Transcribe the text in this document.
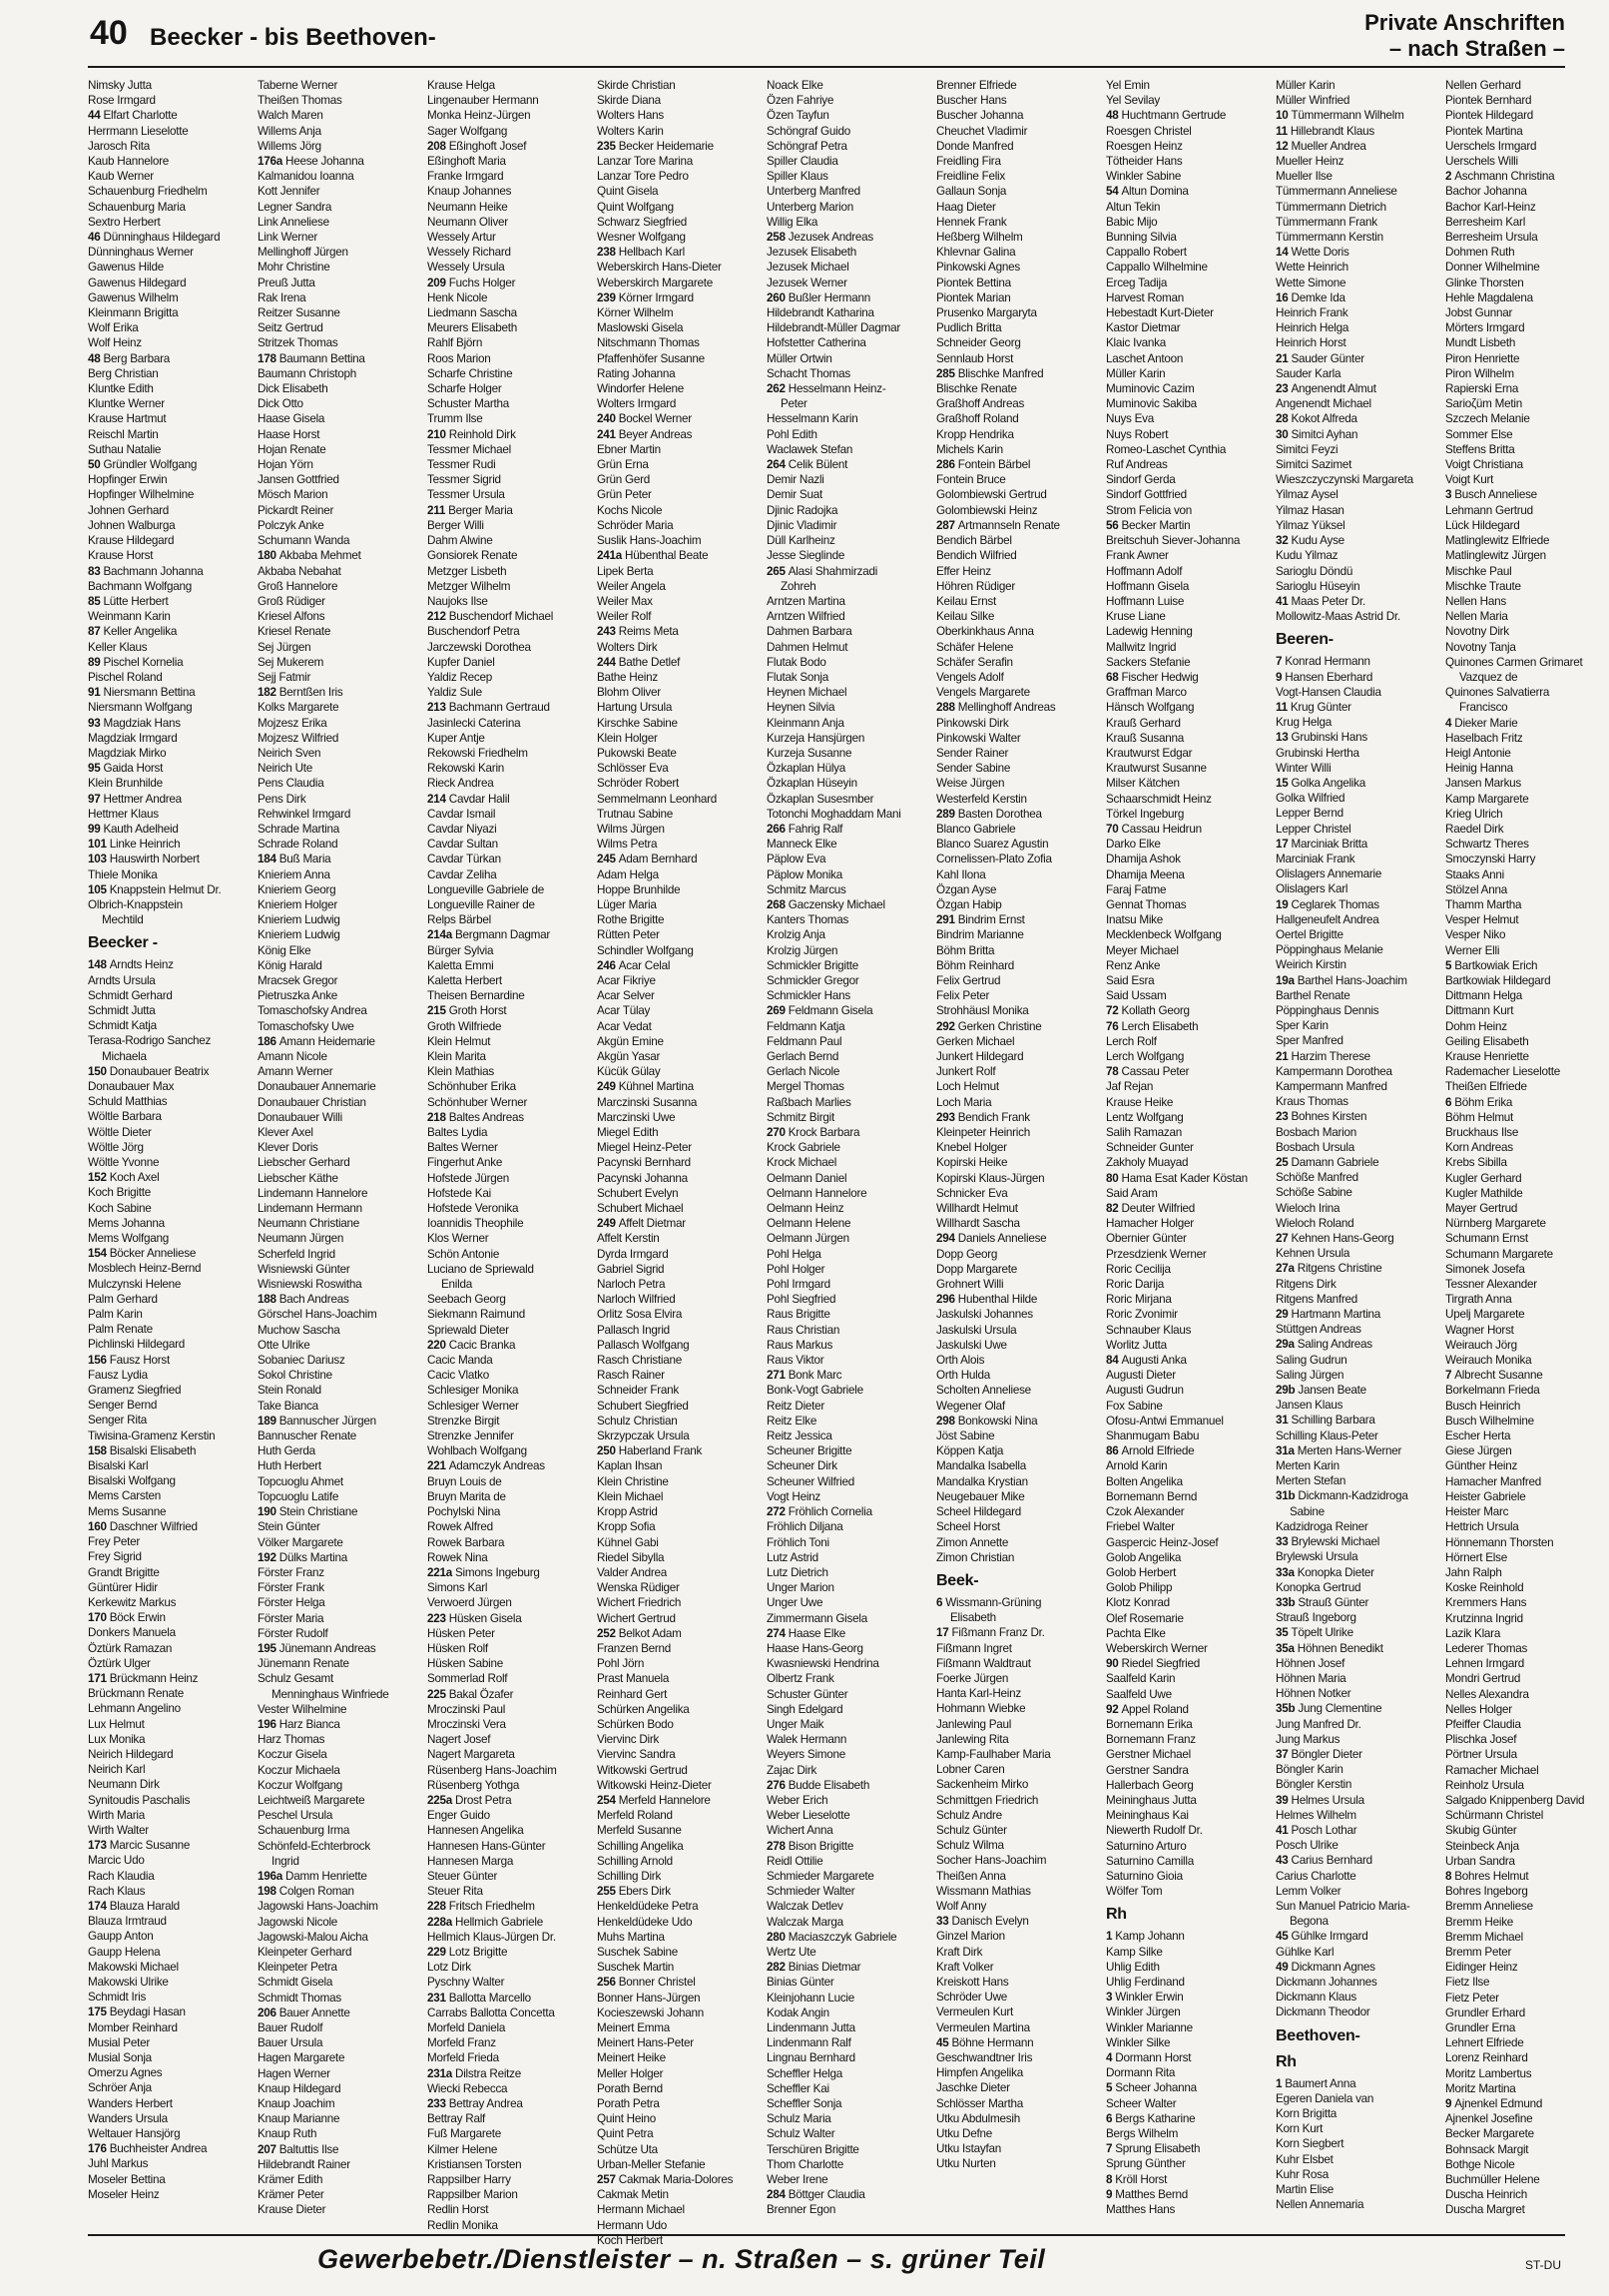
40 Beecker - bis Beethoven-
Private Anschriften
– nach Straßen –
Nimsky Jutta
Rose Irmgard
44 Elfart Charlotte
Herrmann Lieselotte
Jarosch Rita
Kaub Hannelore
Kaub Werner
Schauenburg Friedhelm
Schauenburg Maria
Sextro Herbert
46 Dünninghaus Hildegard
Dünninghaus Werner
Gawenus Hilde
Gawenus Hildegard
Gawenus Wilhelm
Kleinmann Brigitta
Wolf Erika
Wolf Heinz
48 Berg Barbara
Berg Christian
Kluntke Edith
Kluntke Werner
Krause Hartmut
Reischl Martin
Suthau Natalie
50 Gründler Wolfgang
Hopfinger Erwin
Hopfinger Wilhelmine
Johnen Gerhard
Johnen Walburga
Krause Hildegard
Krause Horst
83 Bachmann Johanna
Bachmann Wolfgang
85 Lütte Herbert
Weinmann Karin
87 Keller Angelika
Keller Klaus
89 Pischel Kornelia
Pischel Roland
91 Niersmann Bettina
Niersmann Wolfgang
93 Magdziak Hans
Magdziak Irmgard
Magdziak Mirko
95 Gaida Horst
Klein Brunhilde
97 Hettmer Andrea
Hettmer Klaus
99 Kauth Adelheid
101 Linke Heinrich
103 Hauswirth Norbert
Thiele Monika
105 Knappstein Helmut Dr.
Olbrich-Knappstein
Mechtild
Beecker -
148 Arndts Heinz
Arndts Ursula
Schmidt Gerhard
Schmidt Jutta
Schmidt Katja
Terasa-Rodrigo Sanchez
Michaela
150 Donaubauer Beatrix
Donaubauer Max
Schuld Matthias
Wöltle Barbara
Wöltle Dieter
Wöltle Jörg
Wöltle Yvonne
152 Koch Axel
Koch Brigitte
Koch Sabine
Mems Johanna
Mems Wolfgang
154 Böcker Anneliese
Mosblech Heinz-Bernd
Mulczynski Helene
Palm Gerhard
Palm Karin
Palm Renate
Pichlinski Hildegard
156 Fausz Horst
Fausz Lydia
Gramenz Siegfried
Senger Bernd
Senger Rita
Tiwisina-Gramenz Kerstin
158 Bisalski Elisabeth
Bisalski Karl
Bisalski Wolfgang
Mems Carsten
Mems Susanne
160 Daschner Wilfried
Frey Peter
Frey Sigrid
Grandt Brigitte
Güntürer Hidir
Kerkewitz Markus
170 Böck Erwin
Donkers Manuela
Öztürk Ramazan
Öztürk Ulger
171 Brückmann Heinz
Brückmann Renate
Lehmann Angelino
Lux Helmut
Lux Monika
Neirich Hildegard
Neirich Karl
Neumann Dirk
Synitoudis Paschalis
Wirth Maria
Wirth Walter
173 Marcic Susanne
Marcic Udo
Rach Klaudia
Rach Klaus
174 Blauza Harald
Blauza Irmtraud
Gaupp Anton
Gaupp Helena
Makowski Michael
Makowski Ulrike
Schmidt Iris
175 Beydagi Hasan
Momber Reinhard
Musial Peter
Musial Sonja
Omerzu Agnes
Schröer Anja
Wanders Herbert
Wanders Ursula
Weltauer Hansjörg
176 Buchheister Andrea
Juhl Markus
Moseler Bettina
Moseler Heinz
Taberne Werner
Theißen Thomas
Walch Maren
Willems Anja
Willems Jörg
176a Heese Johanna
Kalmanidou Ioanna
Kott Jennifer
Legner Sandra
Link Anneliese
Link Werner
Mellinghoff Jürgen
Mohr Christine
Preuß Jutta
Rak Irena
Reitzer Susanne
Seitz Gertrud
Stritzek Thomas
178 Baumann Bettina
Baumann Christoph
Dick Elisabeth
Dick Otto
Haase Gisela
Haase Horst
Hojan Renate
Hojan Yörn
Jansen Gottfried
Mösch Marion
Pickardt Reiner
Polczyk Anke
Schumann Wanda
180 Akbaba Mehmet
Akbaba Nebahat
Groß Hannelore
Groß Rüdiger
Kriesel Alfons
Kriesel Renate
Sej Jürgen
Sej Mukerem
Sejj Fatmir
182 Berntßen Iris
Kolks Margarete
Mojzesz Erika
Mojzesz Wilfried
Neirich Sven
Neirich Ute
Pens Claudia
Pens Dirk
Rehwinkel Irmgard
Schrade Martina
Schrade Roland
184 Buß Maria
Knieriem Anna
Knieriem Georg
Knieriem Holger
Knieriem Ludwig
Knieriem Ludwig
König Elke
König Harald
Mracsek Gregor
Pietruszka Anke
Tomaschofsky Andrea
Tomaschofsky Uwe
186 Amann Heidemarie
Amann Nicole
Amann Werner
Donaubauer Annemarie
Donaubauer Christian
Donaubauer Willi
Klever Axel
Klever Doris
Liebscher Gerhard
Liebscher Käthe
Lindemann Hannelore
Lindemann Hermann
Neumann Christiane
Neumann Jürgen
Scherfeld Ingrid
Wisniewski Günter
Wisniewski Roswitha
188 Bach Andreas
Görschel Hans-Joachim
Muchow Sascha
Otte Ulrike
Sobaniec Dariusz
Sokol Christine
Stein Ronald
Take Bianca
189 Bannuscher Jürgen
Bannuscher Renate
Huth Gerda
Huth Herbert
Topcuoglu Ahmet
Topcuoglu Latife
190 Stein Christiane
Stein Günter
Völker Margarete
192 Dülks Martina
Förster Franz
Förster Frank
Förster Helga
Förster Maria
Förster Rudolf
195 Jünemann Andreas
Jünemann Renate
Schulz Gesamt
Menninghaus Winfriede
Vester Wilhelmine
196 Harz Bianca
Harz Thomas
Koczur Gisela
Koczur Michaela
Koczur Wolfgang
Leichtweiß Margarete
Peschel Ursula
Schauenburg Irma
Schönfeld-Echterbrock
Ingrid
196a Damm Henriette
198 Colgen Roman
Jagowski Hans-Joachim
Jagowski Nicole
Jagowski-Malou Aicha
Kleinpeter Gerhard
Kleinpeter Petra
Schmidt Gisela
Schmidt Thomas
206 Bauer Annette
Bauer Rudolf
Bauer Ursula
Hagen Margarete
Hagen Werner
Knaup Hildegard
Knaup Joachim
Knaup Marianne
Knaup Ruth
207 Baltuttis Ilse
Hildebrandt Rainer
Krämer Edith
Krämer Peter
Krause Dieter
Krause Helga
Lingenauber Hermann
Monka Heinz-Jürgen
Sager Wolfgang
208 Eßinghoft Josef
Eßinghoft Maria
Franke Irmgard
Knaup Johannes
Neumann Heike
Neumann Oliver
Wessely Artur
Wessely Richard
Wessely Ursula
209 Fuchs Holger
Henk Nicole
Liedmann Sascha
Meurers Elisabeth
Rahlf Björn
Roos Marion
Scharfe Christine
Scharfe Holger
Schuster Martha
Trumm Ilse
210 Reinhold Dirk
Tessmer Michael
Tessmer Rudi
Tessmer Sigrid
Tessmer Ursula
211 Berger Maria
Berger Willi
Dahm Alwine
Gonsiorek Renate
Metzger Lisbeth
Metzger Wilhelm
Naujoks Ilse
212 Buschendorf Michael
Buschendorf Petra
Jarczewski Dorothea
Kupfer Daniel
Yaldiz Recep
Yaldiz Sule
213 Bachmann Gertraud
Jasinlecki Caterina
Kuper Antje
Rekowski Friedhelm
Rekowski Karin
Rieck Andrea
214 Cavdar Halil
Cavdar Ismail
Cavdar Niyazi
Cavdar Sultan
Cavdar Türkan
Cavdar Zeliha
Longueville Gabriele de
Longueville Rainer de
Relps Bärbel
214a Bergmann Dagmar
Bürger Sylvia
Kaletta Emmi
Kaletta Herbert
Theisen Bernardine
215 Groth Horst
Groth Wilfriede
Klein Helmut
Klein Marita
Klein Mathias
Schönhuber Erika
Schönhuber Werner
218 Baltes Andreas
Baltes Lydia
Baltes Werner
Fingerhut Anke
Hofstede Jürgen
Hofstede Kai
Hofstede Veronika
Ioannidis Theophile
Klos Werner
Schön Antonie
Luciano de Spriewald
Enilda
Seebach Georg
Siekmann Raimund
Spriewald Dieter
220 Cacic Branka
Cacic Manda
Cacic Vlatko
Schlesiger Monika
Schlesiger Werner
Strenzke Birgit
Strenzke Jennifer
Wohlbach Wolfgang
221 Adamczyk Andreas
Bruyn Louis de
Bruyn Marita de
Pochylski Nina
Rowek Alfred
Rowek Barbara
Rowek Nina
221a Simons Ingeburg
Simons Karl
Verwoerd Jürgen
223 Hüsken Gisela
Hüsken Peter
Hüsken Rolf
Hüsken Sabine
Sommerlad Rolf
225 Bakal Özafer
Mroczinski Paul
Mroczinski Vera
Nagert Josef
Nagert Margareta
Rüsenberg Hans-Joachim
Rüsenberg Yothga
225a Drost Petra
Enger Guido
Hannesen Angelika
Hannesen Hans-Günter
Hannesen Marga
Steuer Günter
Steuer Rita
228 Fritsch Friedhelm
228a Hellmich Gabriele
Hellmich Klaus-Jürgen Dr.
229 Lotz Brigitte
Lotz Dirk
Pyschny Walter
231 Ballotta Marcello
Carrabs Ballotta Concetta
Morfeld Daniela
Morfeld Franz
Morfeld Frieda
231a Dilstra Reitze
Wiecki Rebecca
233 Bettray Andrea
Bettray Ralf
Fuß Margarete
Kilmer Helene
Kristiansen Torsten
Rappsilber Harry
Rappsilber Marion
Redlin Horst
Redlin Monika
Skirde Christian
Skirde Diana
Wolters Hans
Wolters Karin
235 Becker Heidemarie
Lanzar Tore Marina
Lanzar Tore Pedro
Quint Gisela
Quint Wolfgang
Schwarz Siegfried
Wesner Wolfgang
238 Hellbach Karl
Weberskirch Hans-Dieter
Weberskirch Margarete
239 Körner Irmgard
Körner Wilhelm
Maslowski Gisela
Nitschmann Thomas
Pfaffenhöfer Susanne
Rating Johanna
Windorfer Helene
Wolters Irmgard
240 Bockel Werner
241 Beyer Andreas
Ebner Martin
Grün Erna
Grün Gerd
Grün Peter
Kochs Nicole
Schröder Maria
Suslik Hans-Joachim
241a Hübenthal Beate
Lipek Berta
Weiler Angela
Weiler Max
Weiler Rolf
243 Reims Meta
Wolters Dirk
244 Bathe Detlef
Bathe Heinz
Blohm Oliver
Hartung Ursula
Kirschke Sabine
Klein Holger
Pukowski Beate
Schlösser Eva
Schröder Robert
Semmelmann Leonhard
Trutnau Sabine
Wilms Jürgen
Wilms Petra
245 Adam Bernhard
Adam Helga
Hoppe Brunhilde
Lüger Maria
Rothe Brigitte
Rütten Peter
Schindler Wolfgang
246 Acar Celal
Acar Fikriye
Acar Selver
Acar Tülay
Acar Vedat
Akgün Emine
Akgün Yasar
Kücük Gülay
249 Kühnel Martina
Marczinski Susanna
Marczinski Uwe
Miegel Edith
Miegel Heinz-Peter
Pacynski Bernhard
Pacynski Johanna
Schubert Evelyn
Schubert Michael
249 Affelt Dietmar
Affelt Kerstin
Dyrda Irmgard
Gabriel Sigrid
Narloch Petra
Narloch Wilfried
Orlitz Sosa Elvira
Pallasch Ingrid
Pallasch Wolfgang
Rasch Christiane
Rasch Rainer
Schneider Frank
Schubert Siegfried
Schulz Christian
Skrzypczak Ursula
250 Haberland Frank
Kaplan Ihsan
Klein Christine
Klein Michael
Kropp Astrid
Kropp Sofia
Kühnel Gabi
Riedel Sibylla
Valder Andrea
Wenska Rüdiger
Wichert Friedrich
Wichert Gertrud
252 Belkot Adam
Franzen Bernd
Pohl Jörn
Prast Manuela
Reinhard Gert
Schürken Angelika
Schürken Bodo
Viervinc Dirk
Viervinc Sandra
Witkowski Gertrud
Witkowski Heinz-Dieter
254 Merfeld Hannelore
Merfeld Roland
Merfeld Susanne
Schilling Angelika
Schilling Arnold
Schilling Dirk
255 Ebers Dirk
Henkeldüdeke Petra
Henkeldüdeke Udo
Muhs Martina
Suschek Sabine
Suschek Martin
256 Bonner Christel
Bonner Hans-Jürgen
Kocieszewski Johann
Meinert Emma
Meinert Hans-Peter
Meinert Heike
Meller Holger
Porath Bernd
Porath Petra
Quint Heino
Quint Petra
Schütze Uta
Urban-Meller Stefanie
257 Cakmak Maria-Dolores
Cakmak Metin
Hermann Michael
Hermann Udo
Koch Herbert
Noack Elke
Özen Fahriye
Özen Tayfun
Schöngraf Guido
Schöngraf Petra
Spiller Claudia
Spiller Klaus
Unterberg Manfred
Unterberg Marion
Willig Elka
258 Jezusek Andreas
Jezusek Elisabeth
Jezusek Michael
Jezusek Werner
260 Bußler Hermann
Hildebrandt Katharina
Hildebrandt-Müller Dagmar
Hofstetter Catherina
Müller Ortwin
Schacht Thomas
262 Hesselmann Heinz-
Peter
Hesselmann Karin
Pohl Edith
Waclawek Stefan
264 Celik Bülent
Demir Nazli
Demir Suat
Djinic Radojka
Djinic Vladimir
Düll Karlheinz
Jesse Sieglinde
265 Alasi Shahmirzadi
Zohreh
Arntzen Martina
Arntzen Wilfried
Dahmen Barbara
Dahmen Helmut
Flutak Bodo
Flutak Sonja
Heynen Michael
Heynen Silvia
Kleinmann Anja
Kurzeja Hansjürgen
Kurzeja Susanne
Özkaplan Hülya
Özkaplan Hüseyin
Özkaplan Susesmber
Totonchi Moghaddam Mani
266 Fahrig Ralf
Manneck Elke
Päplow Eva
Päplow Monika
Schmitz Marcus
268 Gaczensky Michael
Kanters Thomas
Krolzig Anja
Krolzig Jürgen
Schmickler Brigitte
Schmickler Gregor
Schmickler Hans
269 Feldmann Gisela
Feldmann Katja
Feldmann Paul
Gerlach Bernd
Gerlach Nicole
Mergel Thomas
Raßbach Marlies
Schmitz Birgit
270 Krock Barbara
Krock Gabriele
Krock Michael
Oelmann Daniel
Oelmann Hannelore
Oelmann Heinz
Oelmann Helene
Oelmann Jürgen
Pohl Helga
Pohl Holger
Pohl Irmgard
Pohl Siegfried
Raus Brigitte
Raus Christian
Raus Markus
Raus Viktor
271 Bonk Marc
Bonk-Vogt Gabriele
Reitz Dieter
Reitz Elke
Reitz Jessica
Scheuner Brigitte
Scheuner Dirk
Scheuner Wilfried
Vogt Heinz
272 Fröhlich Cornelia
Fröhlich Diljana
Fröhlich Toni
Lutz Astrid
Lutz Dietrich
Unger Marion
Unger Uwe
Zimmermann Gisela
274 Haase Elke
Haase Hans-Georg
Kwasniewski Hendrina
Olbertz Frank
Schuster Günter
Singh Edelgard
Unger Maik
Walek Hermann
Weyers Simone
Zajac Dirk
276 Budde Elisabeth
Weber Erich
Weber Lieselotte
Wichert Anna
278 Bison Brigitte
Reidl Ottilie
Schmieder Margarete
Schmieder Walter
Walczak Detlev
Walczak Marga
280 Maciaszczyk Gabriele
Wertz Ute
282 Binias Dietmar
Binias Günter
Kleinjohann Lucie
Kodak Angin
Lindenmann Jutta
Lindenmann Ralf
Lingnau Bernhard
Scheffler Helga
Scheffler Kai
Scheffler Sonja
Schulz Maria
Schulz Walter
Terschüren Brigitte
Thom Charlotte
Weber Irene
284 Böttger Claudia
Brenner Egon
Brenner Elfriede
Buscher Hans
Buscher Johanna
Cheuchet Vladimir
Donde Manfred
Freidling Fira
Freidline Felix
Gallaun Sonja
Haag Dieter
Hennek Frank
Heßberg Wilhelm
Khlevnar Galina
Pinkowski Agnes
Piontek Bettina
Piontek Marian
Prusenko Margaryta
Pudlich Britta
Schneider Georg
Sennlaub Horst
285 Blischke Manfred
Blischke Renate
Graßhoff Andreas
Graßhoff Roland
Kropp Hendrika
Michels Karin
286 Fontein Bärbel
Fontein Bruce
Golombiewski Gertrud
Golombiewski Heinz
287 Artmannseln Renate
Bendich Bärbel
Bendich Wilfried
Effer Heinz
Höhren Rüdiger
Keilau Ernst
Keilau Silke
Oberkinkhaus Anna
Schäfer Helene
Schäfer Serafin
Vengels Adolf
Vengels Margarete
288 Mellinghoff Andreas
Pinkowski Dirk
Pinkowski Walter
Sender Rainer
Sender Sabine
Weise Jürgen
Westerfeld Kerstin
289 Basten Dorothea
Blanco Gabriele
Blanco Suarez Agustin
Cornelissen-Plato Zofia
Kahl Ilona
Özgan Ayse
Özgan Habip
291 Bindrim Ernst
Bindrim Marianne
Böhm Britta
Böhm Reinhard
Felix Gertrud
Felix Peter
Strohhäusl Monika
292 Gerken Christine
Gerken Michael
Junkert Hildegard
Junkert Rolf
Loch Helmut
Loch Maria
293 Bendich Frank
Kleinpeter Heinrich
Knebel Holger
Kopirski Heike
Kopirski Klaus-Jürgen
Schnicker Eva
Willhardt Helmut
Willhardt Sascha
294 Daniels Anneliese
Dopp Georg
Dopp Margarete
Grohnert Willi
296 Hubenthal Hilde
Jaskulski Johannes
Jaskulski Ursula
Jaskulski Uwe
Orth Alois
Orth Hulda
Scholten Anneliese
Wegener Olaf
298 Bonkowski Nina
Jöst Sabine
Köppen Katja
Mandalka Isabella
Mandalka Krystian
Neugebauer Mike
Scheel Hildegard
Scheel Horst
Zimon Annette
Zimon Christian
Beek-
6 Wissmann-Grüning
Elisabeth
17 Fißmann Franz Dr.
Fißmann Ingret
Fißmann Waldtraut
Foerke Jürgen
Hanta Karl-Heinz
Hohmann Wiebke
Janlewing Paul
Janlewing Rita
Kamp-Faulhaber Maria
Lobner Caren
Sackenheim Mirko
Schmittgen Friedrich
Schulz Andre
Schulz Günter
Schulz Wilma
Socher Hans-Joachim
Theißen Anna
Wissmann Mathias
Wolf Anny
33 Danisch Evelyn
Ginzel Marion
Kraft Dirk
Kraft Volker
Kreiskott Hans
Schröder Uwe
Vermeulen Kurt
Vermeulen Martina
45 Böhne Hermann
Geschwandtner Iris
Himpfen Angelika
Jaschke Dieter
Schlösser Martha
Utku Abdulmesih
Utku Defne
Utku Istayfan
Utku Nurten
Yel Emin
Yel Sevilay
48 Huchtmann Gertrude
Roesgen Christel
Roesgen Heinz
Tötheider Hans
Winkler Sabine
54 Altun Domina
Altun Tekin
Babic Mijo
Bunning Silvia
Cappallo Robert
Cappallo Wilhelmine
Erceg Tadija
Harvest Roman
Hebestadt Kurt-Dieter
Kastor Dietmar
Klaic Ivanka
Laschet Antoon
Müller Karin
Muminovic Cazim
Muminovic Sakiba
Nuys Eva
Nuys Robert
Romeo-Laschet Cynthia
Ruf Andreas
Sindorf Gerda
Sindorf Gottfried
Strom Felicia von
56 Becker Martin
Breitschuh Siever-Johanna
Frank Awner
Hoffmann Adolf
Hoffmann Gisela
Hoffmann Luise
Kruse Liane
Ladewig Henning
Mallwitz Ingrid
Sackers Stefanie
68 Fischer Hedwig
Graffman Marco
Hänsch Wolfgang
Krauß Gerhard
Krauß Susanna
Krautwurst Edgar
Krautwurst Susanne
Milser Kätchen
Schaarschmidt Heinz
Törkel Ingeburg
70 Cassau Heidrun
Darko Elke
Dhamija Ashok
Dhamija Meena
Faraj Fatme
Gennat Thomas
Inatsu Mike
Mecklenbeck Wolfgang
Meyer Michael
Renz Anke
Said Esra
Said Ussam
72 Kollath Georg
76 Lerch Elisabeth
Lerch Rolf
Lerch Wolfgang
78 Cassau Peter
Jaf Rejan
Krause Heike
Lentz Wolfgang
Salih Ramazan
Schneider Gunter
Zakholy Muayad
80 Hama Esat Kader Köstan
Said Aram
82 Deuter Wilfried
Hamacher Holger
Obernier Günter
Przesdzienk Werner
Roric Cecilija
Roric Darija
Roric Mirjana
Roric Zvonimir
Schnauber Klaus
Worlitz Jutta
84 Augusti Anka
Augusti Dieter
Augusti Gudrun
Fox Sabine
Ofosu-Antwi Emmanuel
Shanmugam Babu
86 Arnold Elfriede
Arnold Karin
Bolten Angelika
Bornemann Bernd
Czok Alexander
Friebel Walter
Gaspercic Heinz-Josef
Golob Angelika
Golob Herbert
Golob Philipp
Klotz Konrad
Olef Rosemarie
Pachta Elke
Weberskirch Werner
90 Riedel Siegfried
Saalfeld Karin
Saalfeld Uwe
92 Appel Roland
Bornemann Erika
Bornemann Franz
Gerstner Michael
Gerstner Sandra
Hallerbach Georg
Meininghaus Jutta
Meininghaus Kai
Niewerth Rudolf Dr.
Saturnino Arturo
Saturnino Camilla
Saturnino Gioia
Wölfer Tom
Rh
1 Kamp Johann
Kamp Silke
Uhlig Edith
Uhlig Ferdinand
3 Winkler Erwin
Winkler Jürgen
Winkler Marianne
Winkler Silke
4 Dormann Horst
Dormann Rita
5 Scheer Johanna
Scheer Walter
6 Bergs Katharine
Bergs Wilhelm
7 Sprung Elisabeth
Sprung Günther
8 Kröll Horst
9 Matthes Bernd
Matthes Hans
Müller Karin
Müller Winfried
10 Tümmermann Wilhelm
11 Hillebrandt Klaus
12 Mueller Andrea
Mueller Heinz
Mueller Ilse
Tümmermann Anneliese
Tümmermann Dietrich
Tümmermann Frank
Tümmermann Kerstin
14 Wette Doris
Wette Heinrich
Wette Simone
16 Demke Ida
Heinrich Frank
Heinrich Helga
Heinrich Horst
21 Sauder Günter
Sauder Karla
23 Angenendt Almut
Angenendt Michael
28 Kokot Alfreda
30 Simitci Ayhan
Simitci Feyzi
Simitci Sazimet
Wieszczyczynski Margareta
Yilmaz Aysel
Yilmaz Hasan
Yilmaz Yüksel
32 Kudu Ayse
Kudu Yilmaz
Sarioglu Döndü
Sarioglu Hüseyin
41 Maas Peter Dr.
Mollowitz-Maas Astrid Dr.
Beeren-
7 Konrad Hermann
9 Hansen Eberhard
Vogt-Hansen Claudia
11 Krug Günter
Krug Helga
13 Grubinski Hans
Grubinski Hertha
Winter Willi
15 Golka Angelika
Golka Wilfried
Lepper Bernd
Lepper Christel
17 Marciniak Britta
Marciniak Frank
Olislagers Annemarie
Olislagers Karl
19 Ceglarek Thomas
Hallgeneufelt Andrea
Oertel Brigitte
Pöppinghaus Melanie
Weirich Kirstin
19a Barthel Hans-Joachim
Barthel Renate
Pöppinghaus Dennis
Sper Karin
Sper Manfred
21 Harzim Therese
Kampermann Dorothea
Kampermann Manfred
Kraus Thomas
23 Bohnes Kirsten
Bosbach Marion
Bosbach Ursula
25 Damann Gabriele
Schöße Manfred
Schöße Sabine
Wieloch Irina
Wieloch Roland
27 Kehnen Hans-Georg
Kehnen Ursula
27a Ritgens Christine
Ritgens Dirk
Ritgens Manfred
29 Hartmann Martina
Stüttgen Andreas
29a Saling Andreas
Saling Gudrun
Saling Jürgen
29b Jansen Beate
Jansen Klaus
31 Schilling Barbara
Schilling Klaus-Peter
31a Merten Hans-Werner
Merten Karin
Merten Stefan
31b Dickmann-Kadzidroga
Sabine
Kadzidroga Reiner
33 Brylewski Michael
Brylewski Ursula
33a Konopka Dieter
Konopka Gertrud
33b Strauß Günter
Strauß Ingeborg
35 Töpelt Ulrike
35a Höhnen Benedikt
Höhnen Josef
Höhnen Maria
Höhnen Notker
35b Jung Clementine
Jung Manfred Dr.
Jung Markus
37 Böngler Dieter
Böngler Karin
Böngler Kerstin
39 Helmes Ursula
Helmes Wilhelm
41 Posch Lothar
Posch Ulrike
43 Carius Bernhard
Carius Charlotte
Lemm Volker
Sun Manuel Patricio Maria-
Begona
45 Gühlke Irmgard
Gühlke Karl
49 Dickmann Agnes
Dickmann Johannes
Dickmann Klaus
Dickmann Theodor
Beethoven-
Rh
1 Baumert Anna
Egeren Daniela van
Korn Brigitta
Korn Kurt
Korn Siegbert
Kuhr Elsbet
Kuhr Rosa
Martin Elise
Nellen Annemaria
Nellen Gerhard
Piontek Bernhard
Piontek Hildegard
Piontek Martina
Uerschels Irmgard
Uerschels Willi
2 Aschmann Christina
Bachor Johanna
Bachor Karl-Heinz
Berresheim Karl
Berresheim Ursula
Dohmen Ruth
Donner Wilhelmine
Glinke Thorsten
Hehle Magdalena
Jobst Gunnar
Mörters Irmgard
Mundt Lisbeth
Piron Henriette
Piron Wilhelm
Rapierski Erna
Sarioζüm Metin
Szczech Melanie
Sommer Else
Steffens Britta
Voigt Christiana
Voigt Kurt
3 Busch Anneliese
Lehmann Gertrud
Lück Hildegard
Matlinglewitz Elfriede
Matlinglewitz Jürgen
Mischke Paul
Mischke Traute
Nellen Hans
Nellen Maria
Novotny Dirk
Novotny Tanja
Quinones Carmen Grimaret
Vazquez de
Quinones Salvatierra
Francisco
4 Dieker Marie
Haselbach Fritz
Heigl Antonie
Heinig Hanna
Jansen Markus
Kamp Margarete
Krieg Ulrich
Raedel Dirk
Schwartz Theres
Smoczynski Harry
Staaks Anni
Stölzel Anna
Thamm Martha
Vesper Helmut
Vesper Niko
Werner Elli
5 Bartkowiak Erich
Bartkowiak Hildegard
Dittmann Helga
Dittmann Kurt
Dohm Heinz
Geiling Elisabeth
Krause Henriette
Rademacher Lieselotte
Theißen Elfriede
6 Böhm Erika
Böhm Helmut
Bruckhaus Ilse
Korn Andreas
Krebs Sibilla
Kugler Gerhard
Kugler Mathilde
Mayer Gertrud
Nürnberg Margarete
Schumann Ernst
Schumann Margarete
Simonek Josefa
Tessner Alexander
Tirgrath Anna
Upelj Margarete
Wagner Horst
Weirauch Jörg
Weirauch Monika
7 Albrecht Susanne
Borkelmann Frieda
Busch Heinrich
Busch Wilhelmine
Escher Herta
Giese Jürgen
Günther Heinz
Hamacher Manfred
Heister Gabriele
Heister Marc
Hettrich Ursula
Hönnemann Thorsten
Hörnert Else
Jahn Ralph
Koske Reinhold
Kremmers Hans
Krutzinna Ingrid
Lazik Klara
Lederer Thomas
Lehnen Irmgard
Mondri Gertrud
Nelles Alexandra
Nelles Holger
Pfeiffer Claudia
Plischka Josef
Pörtner Ursula
Ramacher Michael
Reinholz Ursula
Salgado Knippenberg David
Schürmann Christel
Skubig Günter
Steinbeck Anja
Urban Sandra
8 Bohres Helmut
Bohres Ingeborg
Bremm Anneliese
Bremm Heike
Bremm Michael
Bremm Peter
Eidinger Heinz
Fietz Ilse
Fietz Peter
Grundler Erhard
Grundler Erna
Lehnert Elfriede
Lorenz Reinhard
Moritz Lambertus
Moritz Martina
9 Ajnenkel Edmund
Ajnenkel Josefine
Becker Margarete
Bohnsack Margit
Bothge Nicole
Buchmüller Helene
Duscha Heinrich
Duscha Margret
Gewerbebetr./Dienstleister – n. Straßen – s. grüner Teil	ST-DU
